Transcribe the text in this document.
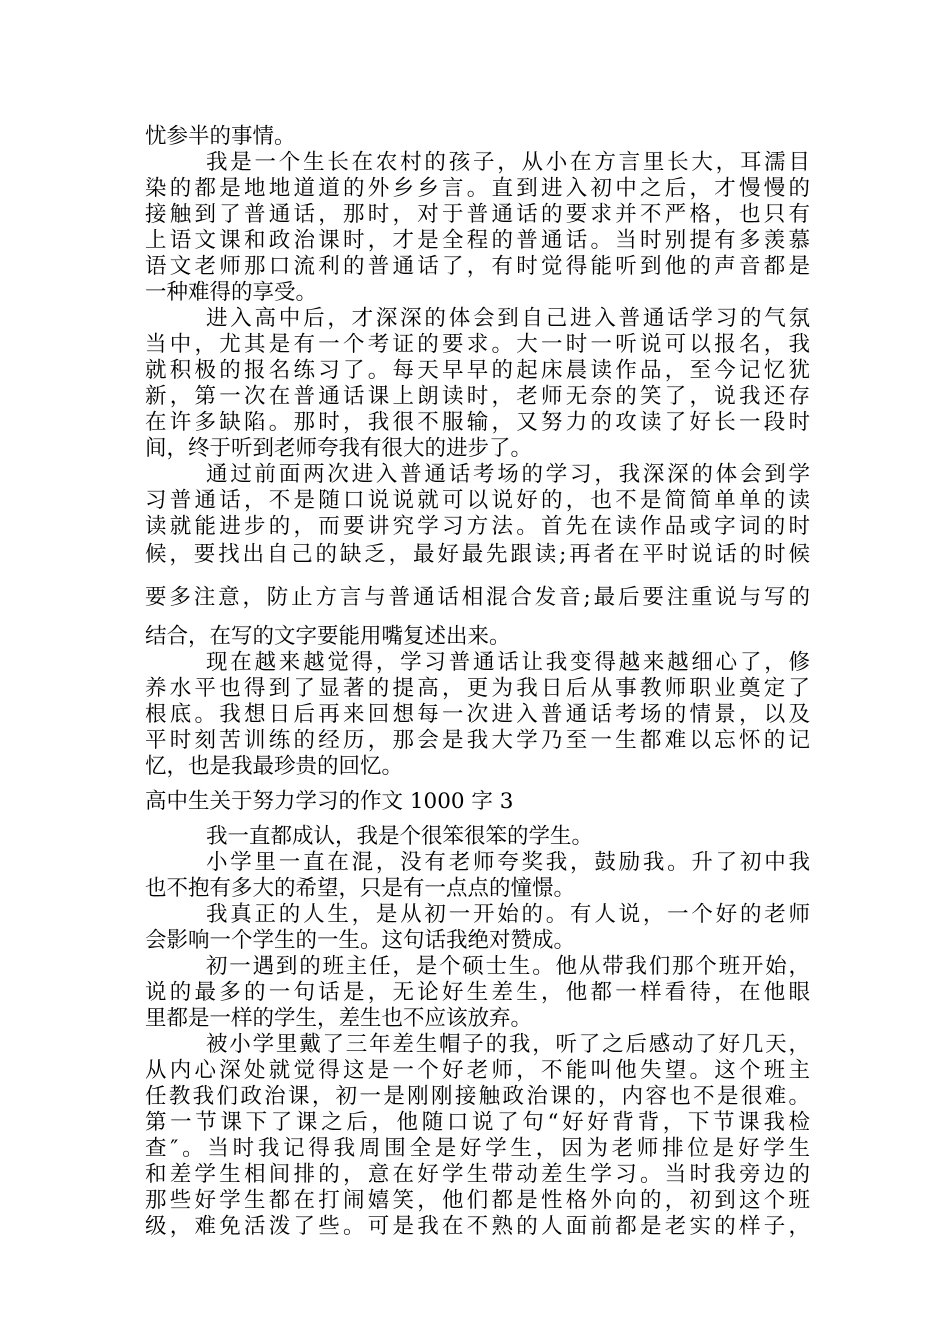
忧参半的事情。
我是一个生长在农村的孩子，从小在方言里长大，耳濡目
染的都是地地道道的外乡乡言。直到进入初中之后，才慢慢的
接触到了普通话，那时，对于普通话的要求并不严格，也只有
上语文课和政治课时，才是全程的普通话。当时别提有多羡慕
语文老师那口流利的普通话了，有时觉得能听到他的声音都是
一种难得的享受。
进入高中后，才深深的体会到自己进入普通话学习的气氛
当中，尤其是有一个考证的要求。大一时一听说可以报名，我
就积极的报名练习了。每天早早的起床晨读作品，至今记忆犹
新，第一次在普通话课上朗读时，老师无奈的笑了，说我还存
在许多缺陷。那时，我很不服输，又努力的攻读了好长一段时
间，终于听到老师夸我有很大的进步了。
通过前面两次进入普通话考场的学习，我深深的体会到学
习普通话，不是随口说说就可以说好的，也不是简简单单的读
读就能进步的，而要讲究学习方法。首先在读作品或字词的时
候，要找出自己的缺乏，最好最先跟读;再者在平时说话的时候
要多注意，防止方言与普通话相混合发音;最后要注重说与写的
结合，在写的文字要能用嘴复述出来。
现在越来越觉得，学习普通话让我变得越来越细心了，修
养水平也得到了显著的提高，更为我日后从事教师职业奠定了
根底。我想日后再来回想每一次进入普通话考场的情景，以及
平时刻苦训练的经历，那会是我大学乃至一生都难以忘怀的记
忆，也是我最珍贵的回忆。
高中生关于努力学习的作文 1000 字 3
我一直都成认，我是个很笨很笨的学生。
小学里一直在混，没有老师夸奖我，鼓励我。升了初中我
也不抱有多大的希望，只是有一点点的憧憬。
我真正的人生，是从初一开始的。有人说，一个好的老师
会影响一个学生的一生。这句话我绝对赞成。
初一遇到的班主任，是个硕士生。他从带我们那个班开始，
说的最多的一句话是，无论好生差生，他都一样看待，在他眼
里都是一样的学生，差生也不应该放弃。
被小学里戴了三年差生帽子的我，听了之后感动了好几天，
从内心深处就觉得这是一个好老师，不能叫他失望。这个班主
任教我们政治课，初一是刚刚接触政治课的，内容也不是很难。
第一节课下了课之后，他随口说了句“好好背背，下节课我检
查″。当时我记得我周围全是好学生，因为老师排位是好学生
和差学生相间排的，意在好学生带动差生学习。当时我旁边的
那些好学生都在打闹嬉笑，他们都是性格外向的，初到这个班
级，难免活泼了些。可是我在不熟的人面前都是老实的样子，
